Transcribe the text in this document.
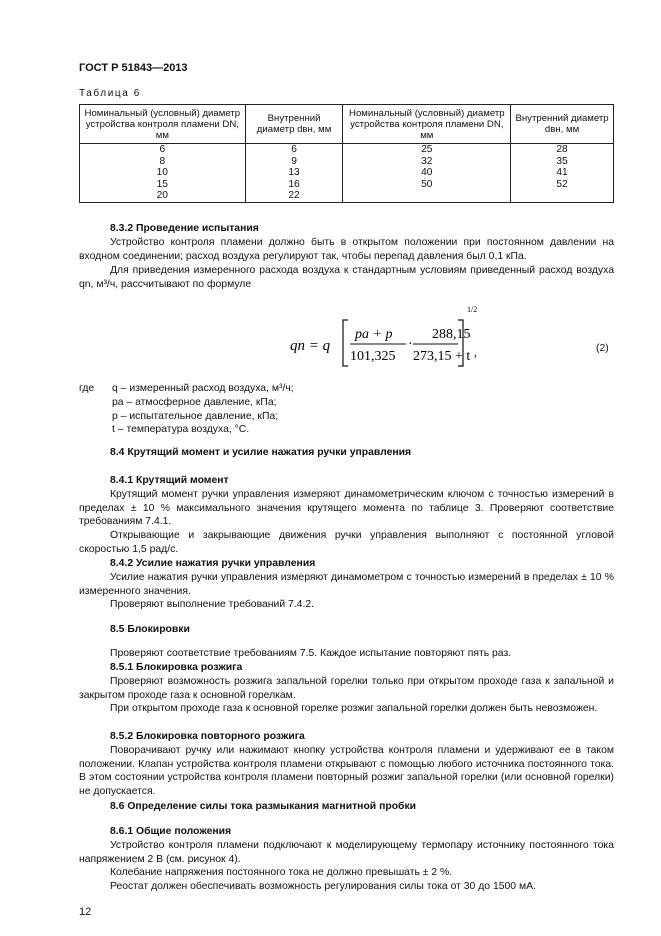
ГОСТ Р 51843—2013
Таблица 6
Номинальный (условный) диаметр устройства контроля пламени DN, мм	Внутренний диаметр dвн, мм	Номинальный (условный) диаметр устройства контроля пламени DN, мм	Внутренний диаметр dвн, мм
6	6	25	28
8	9	32	35
10	13	40	41
15	16	50	52
20	22		
8.3.2 Проведение испытания
Устройство контроля пламени должно быть в открытом положении при постоянном давлении на входном соединении; расход воздуха регулируют так, чтобы перепад давления был 0,1 кПа.
Для приведения измеренного расхода воздуха к стандартным условиям приведенный расход воздуха qn, м³/ч, рассчитывают по формуле
qn = q
pa + p
101,325
·
288,15
273,15 + t
1/2
,	(2)
где q – измеренный расход воздуха, м³/ч;
pa – атмосферное давление, кПа;
p – испытательное давление, кПа;
t – температура воздуха, °С.
8.4 Крутящий момент и усилие нажатия ручки управления
8.4.1 Крутящий момент
Крутящий момент ручки управления измеряют динамометрическим ключом с точностью измерений в пределах ± 10 % максимального значения крутящего момента по таблице 3. Проверяют соответствие требованиям 7.4.1.
Открывающие и закрывающие движения ручки управления выполняют с постоянной угловой скоростью 1,5 рад/с.
8.4.2 Усилие нажатия ручки управления
Усилие нажатия ручки управления измеряют динамометром с точностью измерений в пределах ± 10 % измеренного значения.
Проверяют выполнение требований 7.4.2.
8.5 Блокировки
Проверяют соответствие требованиям 7.5. Каждое испытание повторяют пять раз.
8.5.1 Блокировка розжига
Проверяют возможность розжига запальной горелки только при открытом проходе газа к запальной и закрытом проходе газа к основной горелкам.
При открытом проходе газа к основной горелке розжиг запальной горелки должен быть невозможен.
8.5.2 Блокировка повторного розжига
Поворачивают ручку или нажимают кнопку устройства контроля пламени и удерживают ее в таком положении. Клапан устройства контроля пламени открывают с помощью любого источника постоянного тока. В этом состоянии устройства контроля пламени повторный розжиг запальной горелки (или основной горелки) не допускается.
8.6 Определение силы тока размыкания магнитной пробки
8.6.1 Общие положения
Устройство контроля пламени подключают к моделирующему термопару источнику постоянного тока напряжением 2 В (см. рисунок 4).
Колебание напряжения постоянного тока не должно превышать ± 2 %.
Реостат должен обеспечивать возможность регулирования силы тока от 30 до 1500 мА.
12
